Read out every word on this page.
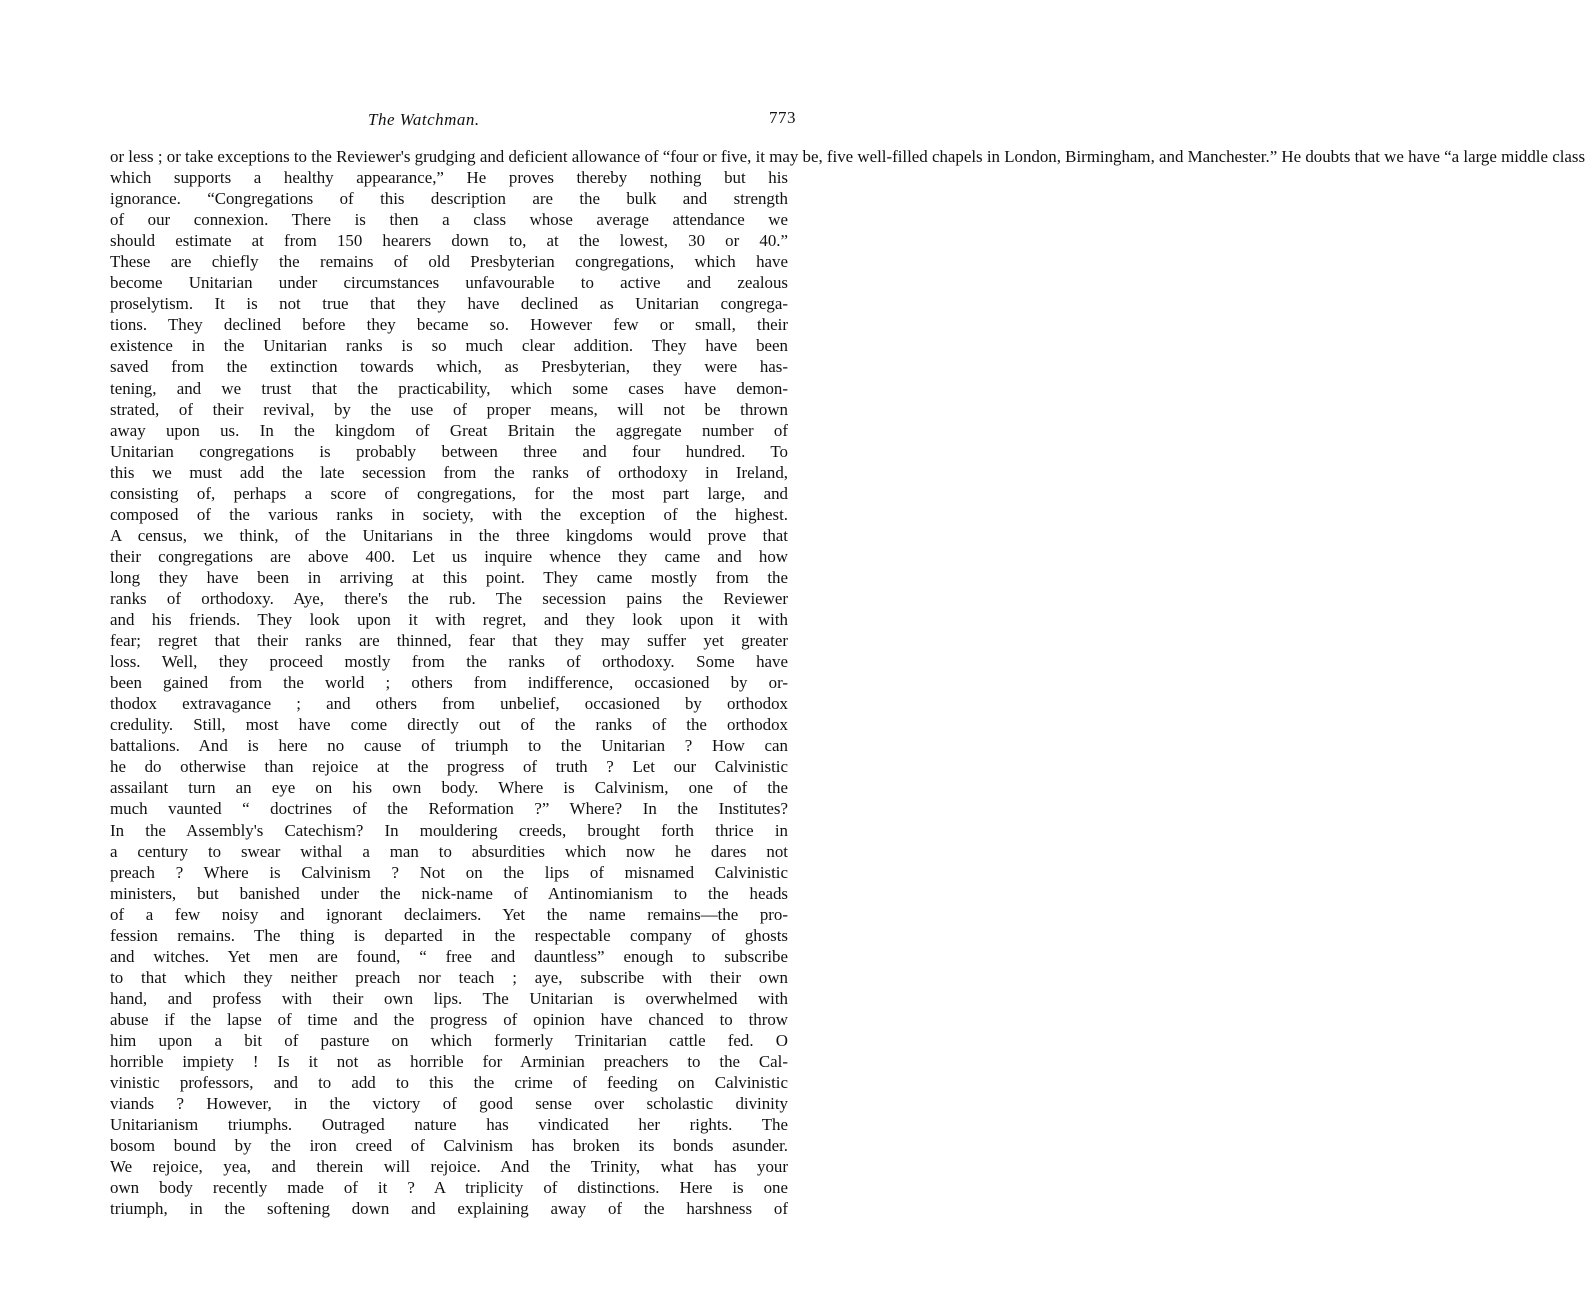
The Watchman.	773
or less ; or take exceptions to the Reviewer's grudging and deficient allowance of “four or five, it may be, five well-filled chapels in London, Birmingham, and Manchester.” He doubts that we have “a large middle class
which supports a healthy appearance,” He proves thereby nothing but his
ignorance. “Congregations of this description are the bulk and strength
of our connexion. There is then a class whose average attendance we
should estimate at from 150 hearers down to, at the lowest, 30 or 40.”
These are chiefly the remains of old Presbyterian congregations, which have
become Unitarian under circumstances unfavourable to active and zealous
proselytism. It is not true that they have declined as Unitarian congrega-
tions. They declined before they became so. However few or small, their
existence in the Unitarian ranks is so much clear addition. They have been
saved from the extinction towards which, as Presbyterian, they were has-
tening, and we trust that the practicability, which some cases have demon-
strated, of their revival, by the use of proper means, will not be thrown
away upon us. In the kingdom of Great Britain the aggregate number of
Unitarian congregations is probably between three and four hundred. To
this we must add the late secession from the ranks of orthodoxy in Ireland,
consisting of, perhaps a score of congregations, for the most part large, and
composed of the various ranks in society, with the exception of the highest.
A census, we think, of the Unitarians in the three kingdoms would prove that
their congregations are above 400. Let us inquire whence they came and how
long they have been in arriving at this point. They came mostly from the
ranks of orthodoxy. Aye, there's the rub. The secession pains the Reviewer
and his friends. They look upon it with regret, and they look upon it with
fear; regret that their ranks are thinned, fear that they may suffer yet greater
loss. Well, they proceed mostly from the ranks of orthodoxy. Some have
been gained from the world ; others from indifference, occasioned by or-
thodox extravagance ; and others from unbelief, occasioned by orthodox
credulity. Still, most have come directly out of the ranks of the orthodox
battalions. And is here no cause of triumph to the Unitarian ? How can
he do otherwise than rejoice at the progress of truth ? Let our Calvinistic
assailant turn an eye on his own body. Where is Calvinism, one of the
much vaunted “ doctrines of the Reformation ?” Where? In the Institutes?
In the Assembly's Catechism? In mouldering creeds, brought forth thrice in
a century to swear withal a man to absurdities which now he dares not
preach ? Where is Calvinism ? Not on the lips of misnamed Calvinistic
ministers, but banished under the nick-name of Antinomianism to the heads
of a few noisy and ignorant declaimers. Yet the name remains—the pro-
fession remains. The thing is departed in the respectable company of ghosts
and witches. Yet men are found, “ free and dauntless” enough to subscribe
to that which they neither preach nor teach ; aye, subscribe with their own
hand, and profess with their own lips. The Unitarian is overwhelmed with
abuse if the lapse of time and the progress of opinion have chanced to throw
him upon a bit of pasture on which formerly Trinitarian cattle fed. O
horrible impiety ! Is it not as horrible for Arminian preachers to the Cal-
vinistic professors, and to add to this the crime of feeding on Calvinistic
viands ? However, in the victory of good sense over scholastic divinity
Unitarianism triumphs. Outraged nature has vindicated her rights. The
bosom bound by the iron creed of Calvinism has broken its bonds asunder.
We rejoice, yea, and therein will rejoice. And the Trinity, what has your
own body recently made of it ? A triplicity of distinctions. Here is one
triumph, in the softening down and explaining away of the harshness of
